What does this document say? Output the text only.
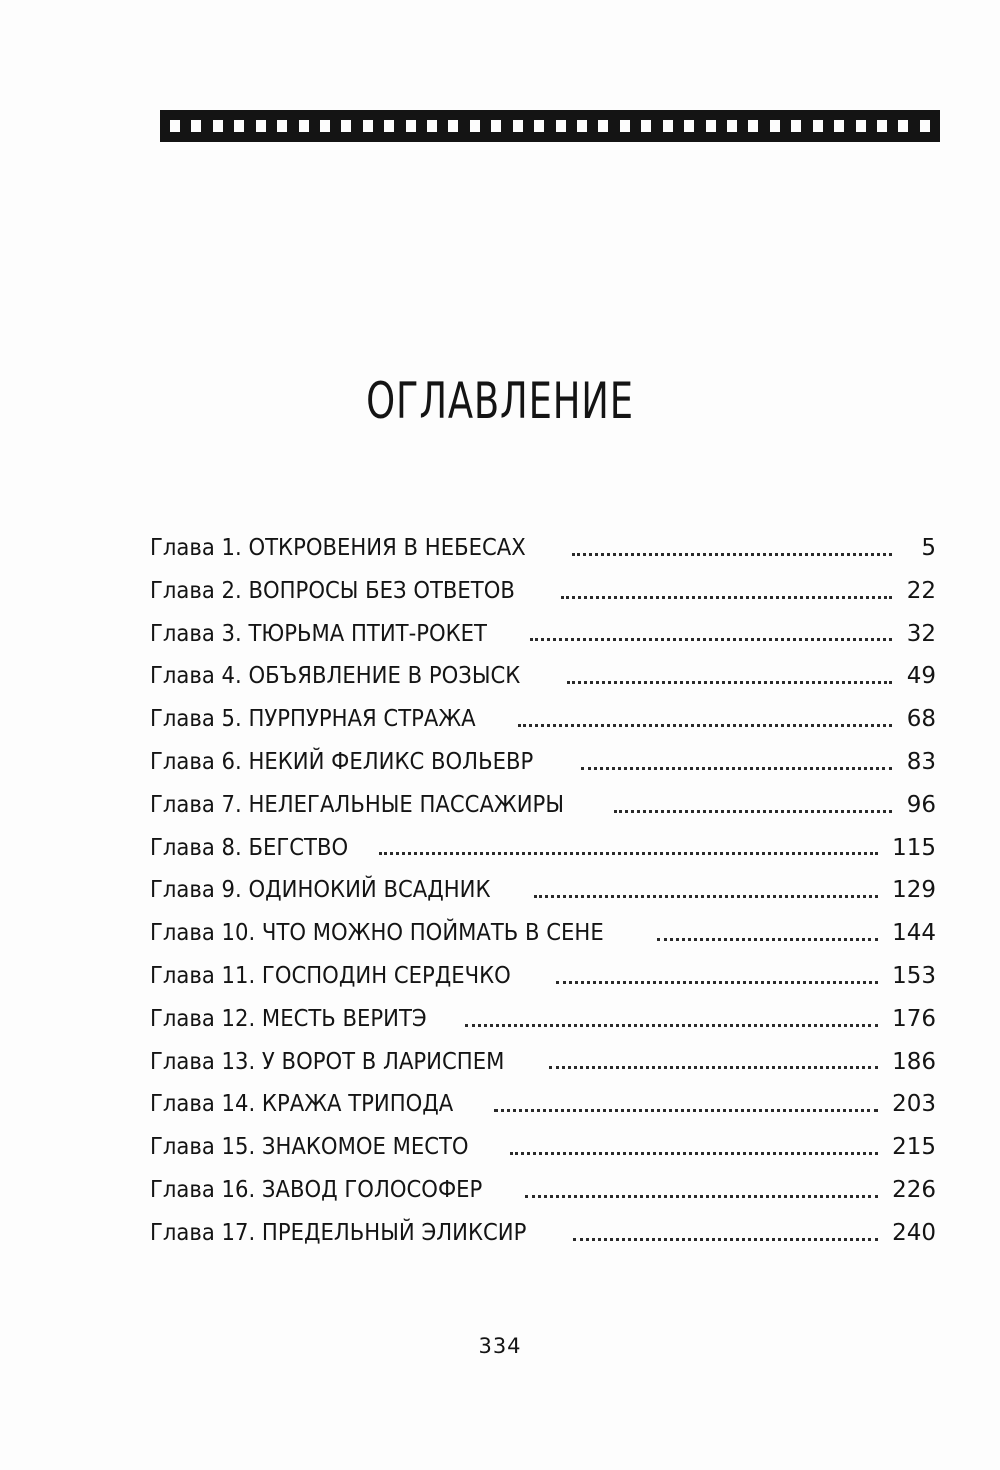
ОГЛАВЛЕНИЕ
Глава 1. ОТКРОВЕНИЯ В НЕБЕСАХ	5
Глава 2. ВОПРОСЫ БЕЗ ОТВЕТОВ	22
Глава 3. ТЮРЬМА ПТИТ-РОКЕТ	32
Глава 4. ОБЪЯВЛЕНИЕ В РОЗЫСК	49
Глава 5. ПУРПУРНАЯ СТРАЖА	68
Глава 6. НЕКИЙ ФЕЛИКС ВОЛЬЕВР	83
Глава 7. НЕЛЕГАЛЬНЫЕ ПАССАЖИРЫ	96
Глава 8. БЕГСТВО	115
Глава 9. ОДИНОКИЙ ВСАДНИК	129
Глава 10. ЧТО МОЖНО ПОЙМАТЬ В СЕНЕ	144
Глава 11. ГОСПОДИН СЕРДЕЧКО	153
Глава 12. МЕСТЬ ВЕРИТЭ	176
Глава 13. У ВОРОТ В ЛАРИСПЕМ	186
Глава 14. КРАЖА ТРИПОДА	203
Глава 15. ЗНАКОМОЕ МЕСТО	215
Глава 16. ЗАВОД ГОЛОСОФЕР	226
Глава 17. ПРЕДЕЛЬНЫЙ ЭЛИКСИР	240
334
